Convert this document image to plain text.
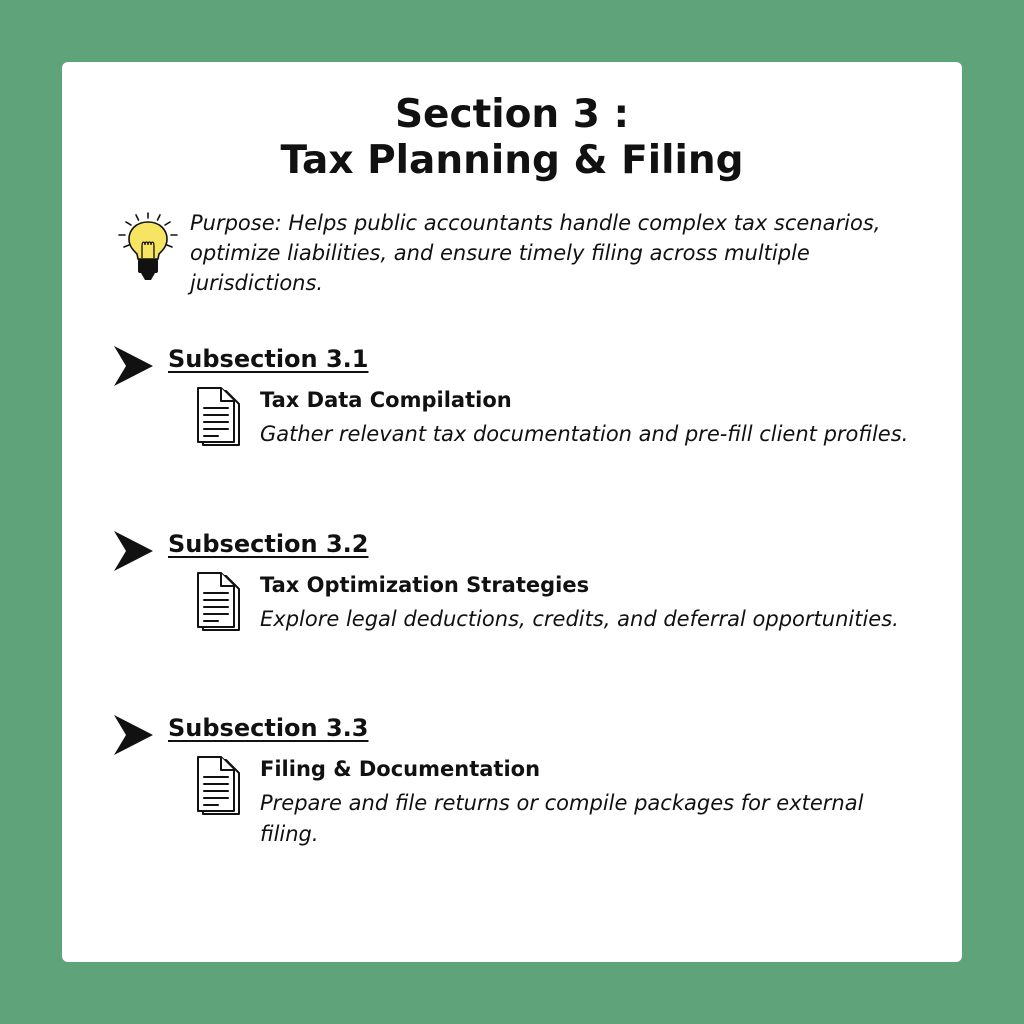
Section 3 :
Tax Planning & Filing

Purpose: Helps public accountants handle complex tax scenarios, optimize liabilities, and ensure timely filing across multiple jurisdictions.

Subsection 3.1
Tax Data Compilation

Gather relevant tax documentation and pre-fill client profiles.

Subsection 3.2
Tax Optimization Strategies

Explore legal deductions, credits, and deferral opportunities.

Subsection 3.3
Filing & Documentation

Prepare and file returns or compile packages for external filing.
